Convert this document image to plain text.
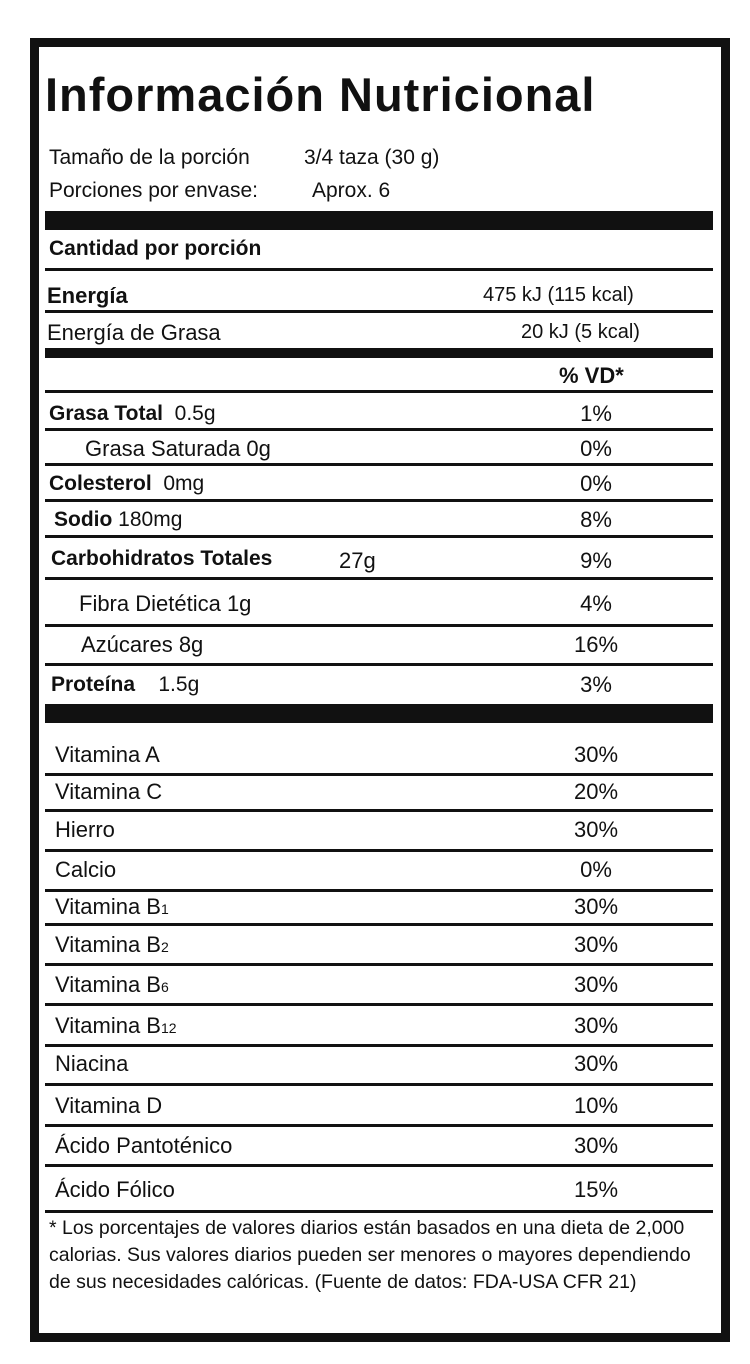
Información Nutricional
Tamaño de la porción	3/4 taza (30 g)
Porciones por envase:	Aprox. 6
Cantidad por porción
Energía	475 kJ (115 kcal)
Energía de Grasa	20 kJ (5 kcal)
% VD*
Grasa Total 0.5g	1%
Grasa Saturada 0g	0%
Colesterol 0mg	0%
Sodio 180mg	8%
Carbohidratos Totales	27g	9%
Fibra Dietética 1g	4%
Azúcares 8g	16%
Proteína 1.5g	3%
Vitamina A	30%
Vitamina C	20%
Hierro	30%
Calcio	0%
Vitamina B1	30%
Vitamina B2	30%
Vitamina B6	30%
Vitamina B12	30%
Niacina	30%
Vitamina D	10%
Ácido Pantoténico	30%
Ácido Fólico	15%
* Los porcentajes de valores diarios están basados en una dieta de 2,000 calorias. Sus valores diarios pueden ser menores o mayores dependiendo de sus necesidades calóricas. (Fuente de datos: FDA-USA CFR 21)
